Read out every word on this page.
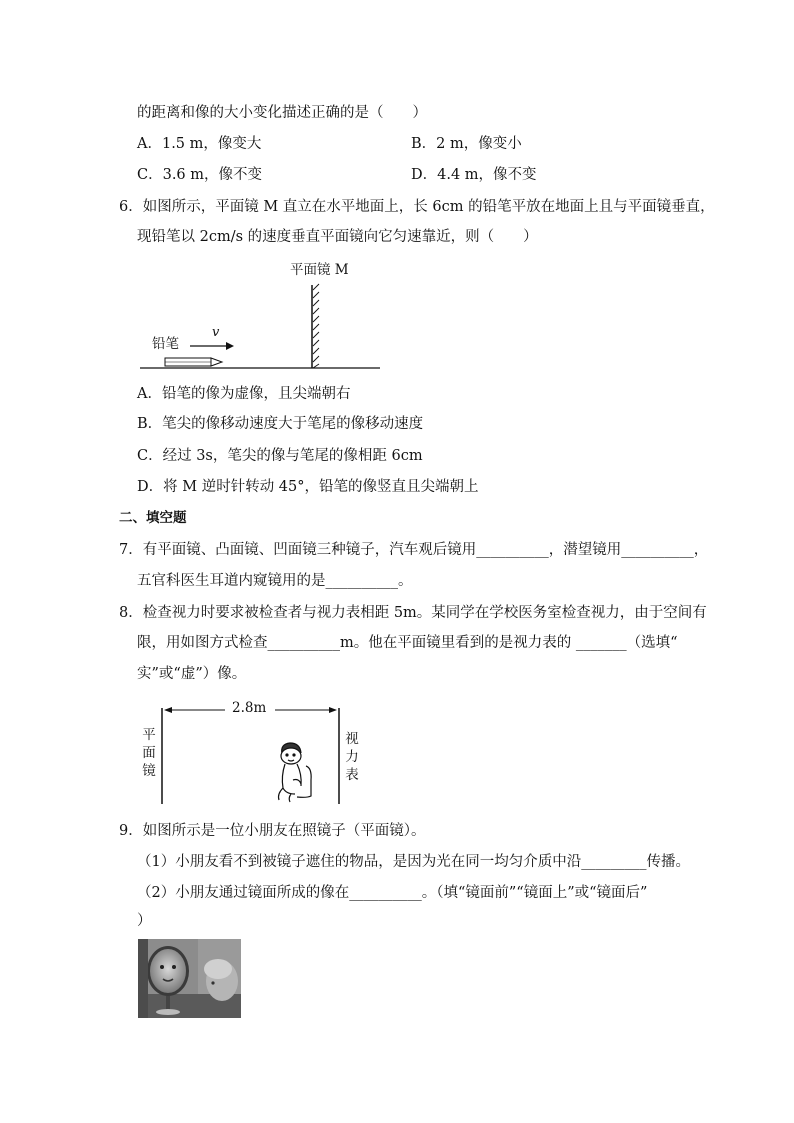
的距离和像的大小变化描述正确的是（　　）
A．1.5 m，像变大	B．2 m，像变小
C．3.6 m，像不变	D．4.4 m，像不变
6．如图所示，平面镜 M 直立在水平地面上，长 6cm 的铅笔平放在地面上且与平面镜垂直，
现铅笔以 2cm/s 的速度垂直平面镜向它匀速靠近，则（　　）
平面镜 M
铅笔
v
A．铅笔的像为虚像，且尖端朝右
B．笔尖的像移动速度大于笔尾的像移动速度
C．经过 3s，笔尖的像与笔尾的像相距 6cm
D．将 M 逆时针转动 45°，铅笔的像竖直且尖端朝上
二、填空题
7．有平面镜、凸面镜、凹面镜三种镜子，汽车观后镜用__________，潜望镜用__________，
五官科医生耳道内窥镜用的是__________。
8．检查视力时要求被检查者与视力表相距 5m。某同学在学校医务室检查视力，由于空间有
限，用如图方式检查__________m。他在平面镜里看到的是视力表的 _______（选填“
实”或“虚”）像。
2.8m
平面镜
视力表
9．如图所示是一位小朋友在照镜子（平面镜）。
（1）小朋友看不到被镜子遮住的物品，是因为光在同一均匀介质中沿_________传播。
（2）小朋友通过镜面所成的像在__________。（填“镜面前”“镜面上”或“镜面后”
）
